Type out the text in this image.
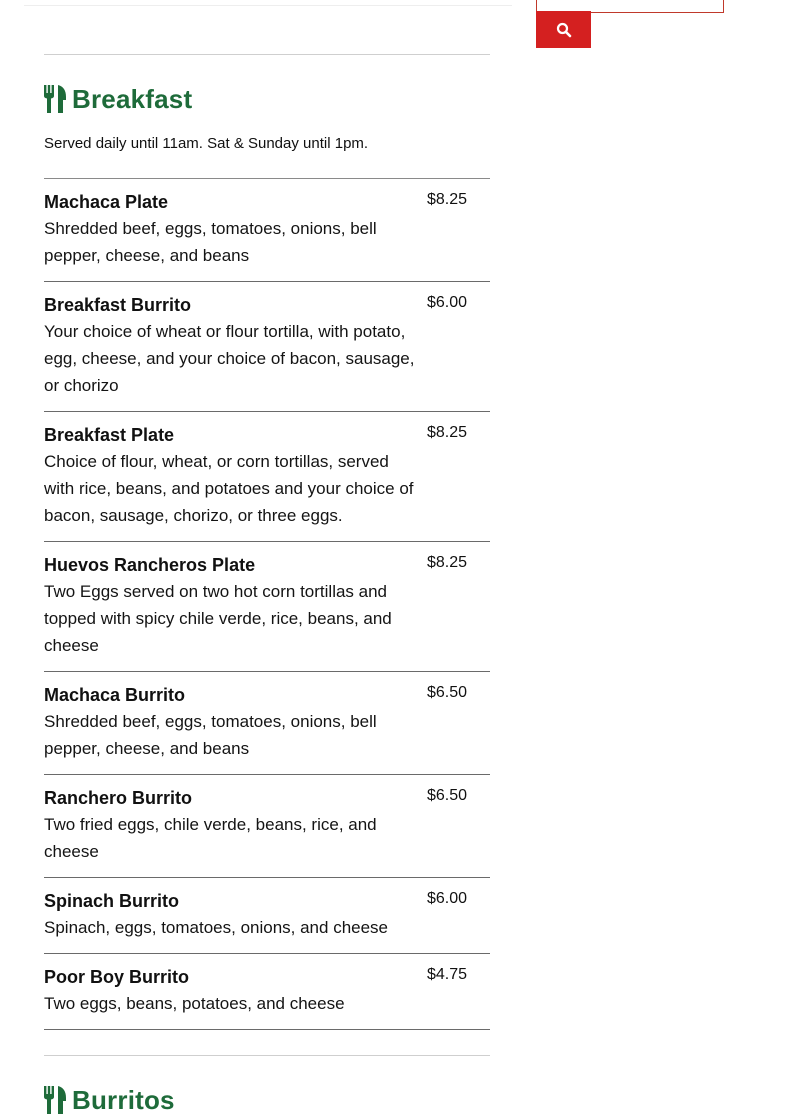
Breakfast

Served daily until 11am. Sat & Sunday until 1pm.

Machaca Plate

Shredded beef, eggs, tomatoes, onions, bell pepper, cheese, and beans

$8.25

Breakfast Burrito

Your choice of wheat or flour tortilla, with potato, egg, cheese, and your choice of bacon, sausage, or chorizo

$6.00

Breakfast Plate

Choice of flour, wheat, or corn tortillas, served with rice, beans, and potatoes and your choice of bacon, sausage, chorizo, or three eggs.

$8.25

Huevos Rancheros Plate

Two Eggs served on two hot corn tortillas and topped with spicy chile verde, rice, beans, and cheese

$8.25

Machaca Burrito

Shredded beef, eggs, tomatoes, onions, bell pepper, cheese, and beans

$6.50

Ranchero Burrito

Two fried eggs, chile verde, beans, rice, and cheese

$6.50

Spinach Burrito

Spinach, eggs, tomatoes, onions, and cheese

$6.00

Poor Boy Burrito

Two eggs, beans, potatoes, and cheese

$4.75
Burritos
